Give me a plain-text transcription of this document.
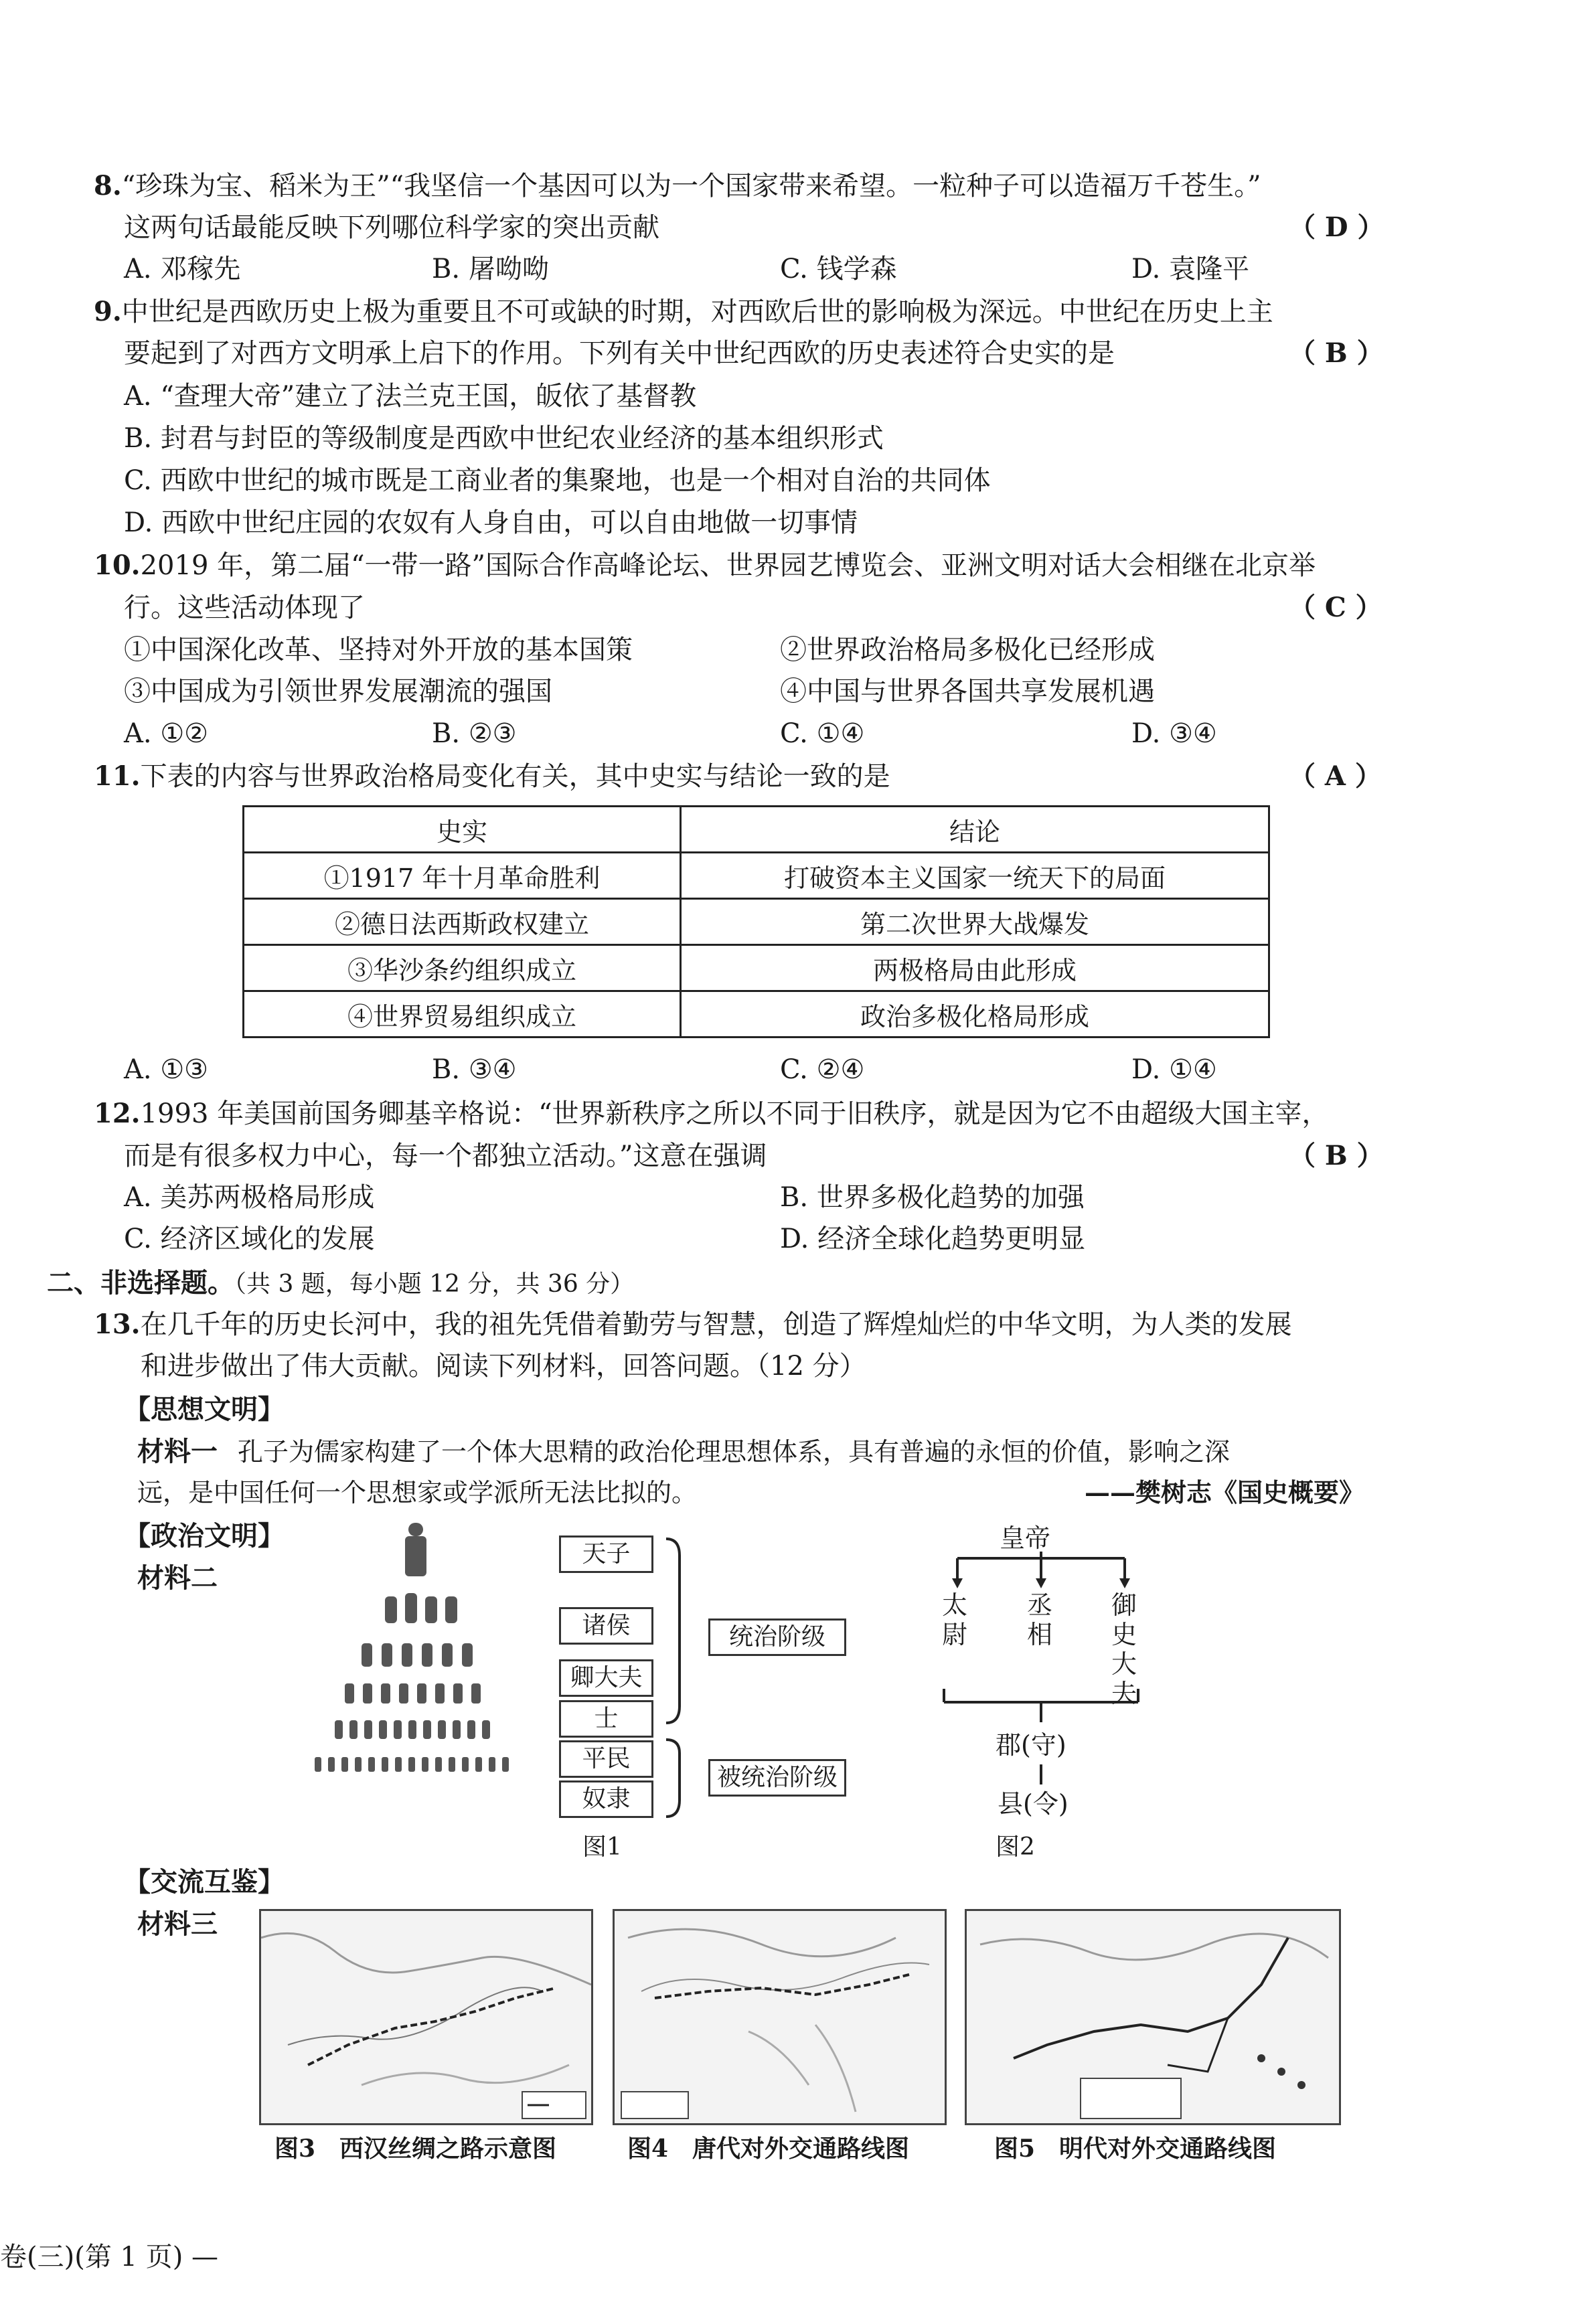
8.“珍珠为宝、稻米为王”“我坚信一个基因可以为一个国家带来希望。一粒种子可以造福万千苍生。”
这两句话最能反映下列哪位科学家的突出贡献	（ D ）
A. 邓稼先	B. 屠呦呦	C. 钱学森	D. 袁隆平
9.中世纪是西欧历史上极为重要且不可或缺的时期，对西欧后世的影响极为深远。中世纪在历史上主
要起到了对西方文明承上启下的作用。下列有关中世纪西欧的历史表述符合史实的是	（ B ）
A. “查理大帝”建立了法兰克王国，皈依了基督教
B. 封君与封臣的等级制度是西欧中世纪农业经济的基本组织形式
C. 西欧中世纪的城市既是工商业者的集聚地，也是一个相对自治的共同体
D. 西欧中世纪庄园的农奴有人身自由，可以自由地做一切事情
10.2019 年，第二届“一带一路”国际合作高峰论坛、世界园艺博览会、亚洲文明对话大会相继在北京举
行。这些活动体现了	（ C ）
①中国深化改革、坚持对外开放的基本国策	②世界政治格局多极化已经形成
③中国成为引领世界发展潮流的强国	④中国与世界各国共享发展机遇
A. ①②	B. ②③	C. ①④	D. ③④
11.下表的内容与世界政治格局变化有关，其中史实与结论一致的是	（ A ）
史实	结论
①1917 年十月革命胜利	打破资本主义国家一统天下的局面
②德日法西斯政权建立	第二次世界大战爆发
③华沙条约组织成立	两极格局由此形成
④世界贸易组织成立	政治多极化格局形成
A. ①③	B. ③④	C. ②④	D. ①④
12.1993 年美国前国务卿基辛格说：“世界新秩序之所以不同于旧秩序，就是因为它不由超级大国主宰，
而是有很多权力中心，每一个都独立活动。”这意在强调	（ B ）
A. 美苏两极格局形成	B. 世界多极化趋势的加强
C. 经济区域化的发展	D. 经济全球化趋势更明显
二、非选择题。（共 3 题，每小题 12 分，共 36 分）
13.在几千年的历史长河中，我的祖先凭借着勤劳与智慧，创造了辉煌灿烂的中华文明，为人类的发展
和进步做出了伟大贡献。阅读下列材料，回答问题。（12 分）
【思想文明】
材料一 孔子为儒家构建了一个体大思精的政治伦理思想体系，具有普遍的永恒的价值，影响之深
远，是中国任何一个思想家或学派所无法比拟的。	——樊树志《国史概要》
【政治文明】
材料二
天子
诸侯
卿大夫
士
平民
奴隶
统治阶级
被统治阶级
图1
皇帝
太尉
丞相
御史大夫
郡(守)
县(令)
图2
【交流互鉴】
材料三
图3　西汉丝绸之路示意图	图4　唐代对外交通路线图	图5　明代对外交通路线图
卷(三)(第 1 页) —
